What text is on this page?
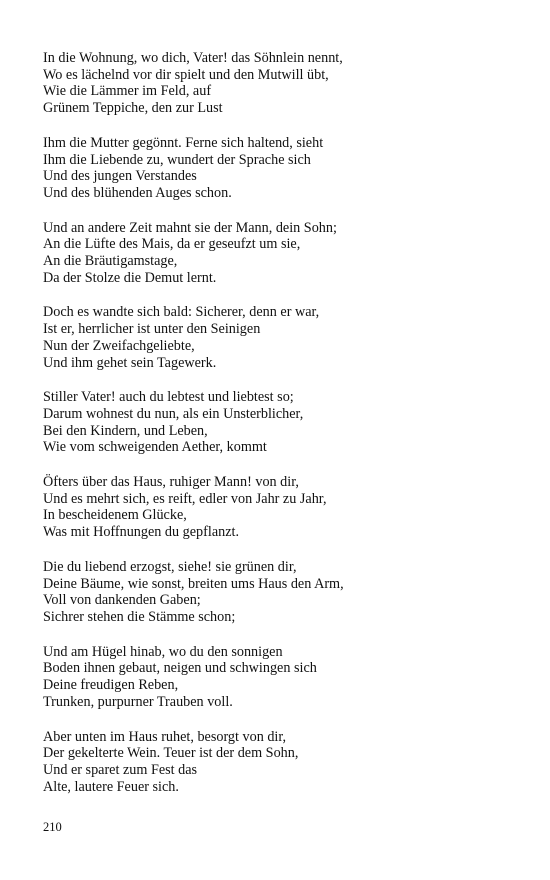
In die Wohnung, wo dich, Vater! das Söhnlein nennt,
Wo es lächelnd vor dir spielt und den Mutwill übt,
Wie die Lämmer im Feld, auf
Grünem Teppiche, den zur Lust
Ihm die Mutter gegönnt. Ferne sich haltend, sieht
Ihm die Liebende zu, wundert der Sprache sich
Und des jungen Verstandes
Und des blühenden Auges schon.
Und an andere Zeit mahnt sie der Mann, dein Sohn;
An die Lüfte des Mais, da er geseufzt um sie,
An die Bräutigamstage,
Da der Stolze die Demut lernt.
Doch es wandte sich bald: Sicherer, denn er war,
Ist er, herrlicher ist unter den Seinigen
Nun der Zweifachgeliebte,
Und ihm gehet sein Tagewerk.
Stiller Vater! auch du lebtest und liebtest so;
Darum wohnest du nun, als ein Unsterblicher,
Bei den Kindern, und Leben,
Wie vom schweigenden Aether, kommt
Öfters über das Haus, ruhiger Mann! von dir,
Und es mehrt sich, es reift, edler von Jahr zu Jahr,
In bescheidenem Glücke,
Was mit Hoffnungen du gepflanzt.
Die du liebend erzogst, siehe! sie grünen dir,
Deine Bäume, wie sonst, breiten ums Haus den Arm,
Voll von dankenden Gaben;
Sichrer stehen die Stämme schon;
Und am Hügel hinab, wo du den sonnigen
Boden ihnen gebaut, neigen und schwingen sich
Deine freudigen Reben,
Trunken, purpurner Trauben voll.
Aber unten im Haus ruhet, besorgt von dir,
Der gekelterte Wein. Teuer ist der dem Sohn,
Und er sparet zum Fest das
Alte, lautere Feuer sich.
210
